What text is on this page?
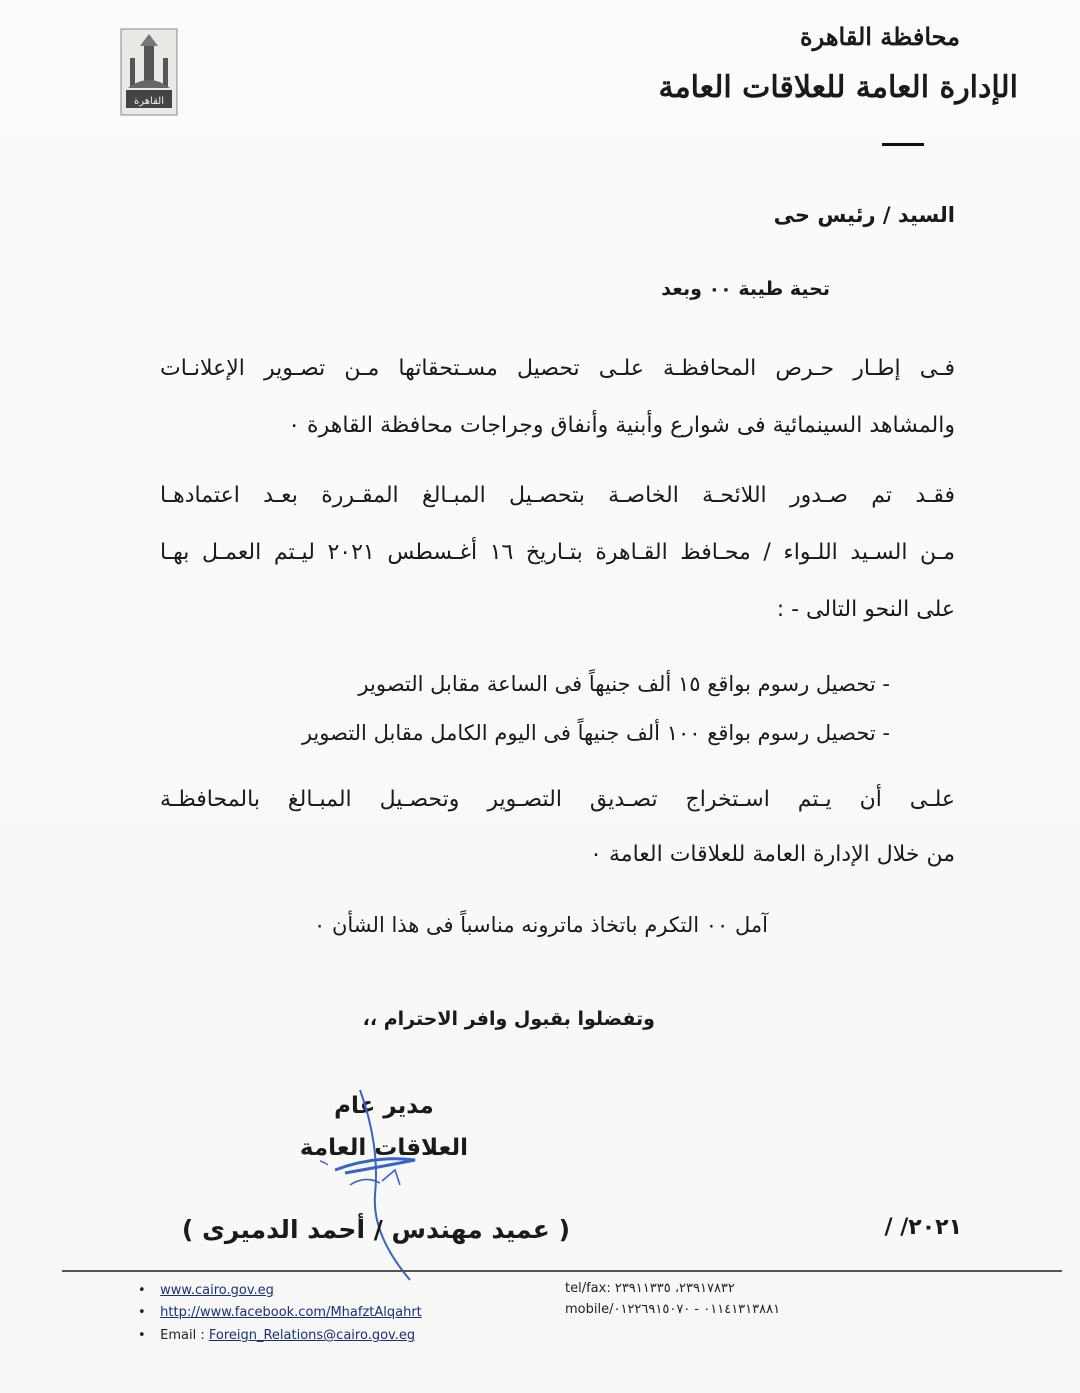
القاهرة
محافظة القاهرة
الإدارة العامة للعلاقات العامة
السيد / رئيس حى
تحية طيبة ٠٠ وبعد
فـى إطـار حـرص المحافظـة علـى تحصيل مسـتحقاتها مـن تصـوير الإعلانـات
والمشاهد السينمائية فى شوارع وأبنية وأنفاق وجراجات محافظة القاهرة ٠
فقـد تم صـدور اللائحـة الخاصـة بتحصـيل المبـالغ المقـررة بعـد اعتمادهـا
مـن السـيد اللـواء / محـافظ القـاهرة بتـاريخ ١٦ أغـسطس ٢٠٢١ ليـتم العمـل بهـا
على النحو التالى - :
- تحصيل رسوم بواقع ١٥ ألف جنيهاً فى الساعة مقابل التصوير
- تحصيل رسوم بواقع ١٠٠ ألف جنيهاً فى اليوم الكامل مقابل التصوير
علـى أن يـتم اسـتخراج تصـديق التصـوير وتحصـيل المبـالغ بالمحافظـة
من خلال الإدارة العامة للعلاقات العامة ٠
آمل ٠٠ التكرم باتخاذ ماترونه مناسباً فى هذا الشأن ٠
وتفضلوا بقبول وافر الاحترام ،،
مدير عام
العلاقات العامة
( عميد مهندس / أحمد الدميرى )	/ /٢٠٢١
• www.cairo.gov.eg
• http://www.facebook.com/MhafztAlqahrt
• Email : Foreign_Relations@cairo.gov.eg
tel/fax: ٢٣٩١٧٨٣٢، ٢٣٩١١٣٣٥
mobile/٠١١٤١٣١٣٨٨١ - ٠١٢٢٦٩١٥٠٧٠
